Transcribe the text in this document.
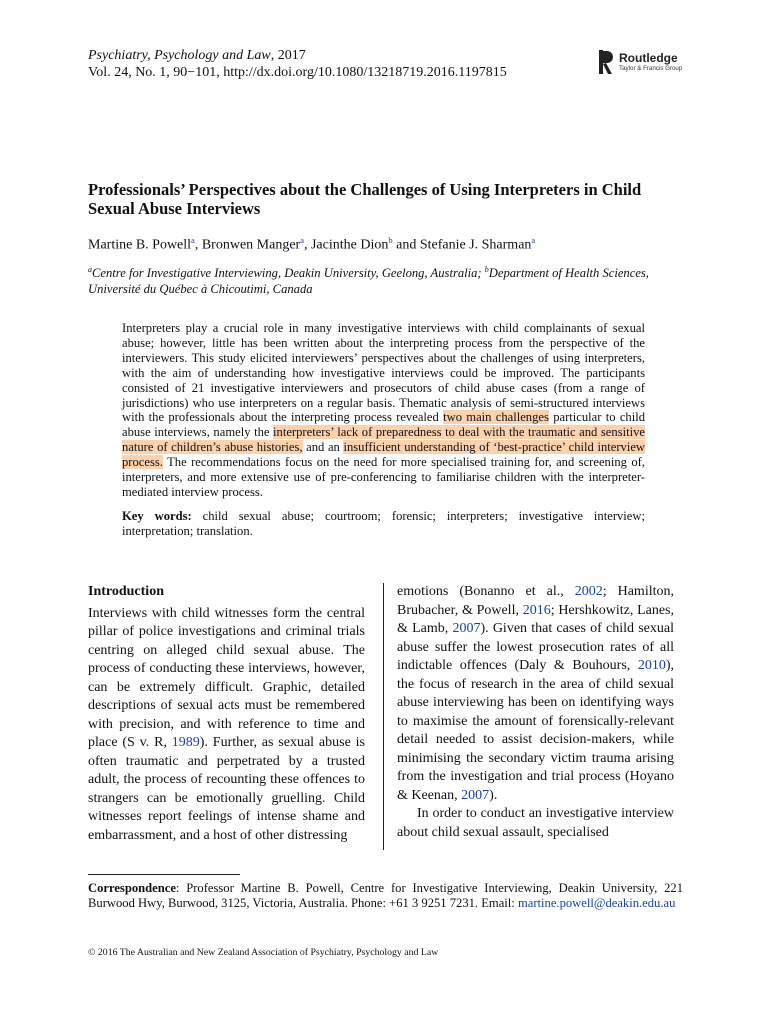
Psychiatry, Psychology and Law, 2017
Vol. 24, No. 1, 90−101, http://dx.doi.org/10.1080/13218719.2016.1197815
Routledge
Taylor & Francis Group
Professionals’ Perspectives about the Challenges of Using Interpreters in Child Sexual Abuse Interviews
Martine B. Powell$^a$, Bronwen Manger$^a$, Jacinthe Dion$^b$ and Stefanie J. Sharman$^a$
$^a$Centre for Investigative Interviewing, Deakin University, Geelong, Australia; $^b$Department of Health Sciences, Université du Québec à Chicoutimi, Canada

Interpreters play a crucial role in many investigative interviews with child complainants of sexual abuse; however, little has been written about the interpreting process from the perspective of the interviewers. This study elicited interviewers’ perspectives about the challenges of using interpreters, with the aim of understanding how investigative interviews could be improved. The participants consisted of 21 investigative interviewers and prosecutors of child abuse cases (from a range of jurisdictions) who use interpreters on a regular basis. Thematic analysis of semi-structured interviews with the professionals about the interpreting process revealed two main challenges particular to child abuse interviews, namely the interpreters’ lack of preparedness to deal with the traumatic and sensitive nature of children’s abuse histories, and an insufficient understanding of ‘best-practice’ child interview process. The recommendations focus on the need for more specialised training for, and screening of, interpreters, and more extensive use of pre-conferencing to familiarise children with the interpreter-mediated interview process.

Key words: child sexual abuse; courtroom; forensic; interpreters; investigative interview; interpretation; translation.

Introduction

Interviews with child witnesses form the central pillar of police investigations and criminal trials centring on alleged child sexual abuse. The process of conducting these interviews, however, can be extremely difficult. Graphic, detailed descriptions of sexual acts must be remembered with precision, and with reference to time and place (S v. R, 1989). Further, as sexual abuse is often traumatic and perpetrated by a trusted adult, the process of recounting these offences to strangers can be emotionally gruelling. Child witnesses report feelings of intense shame and embarrassment, and a host of other distressing

emotions (Bonanno et al., 2002; Hamilton, Brubacher, & Powell, 2016; Hershkowitz, Lanes, & Lamb, 2007). Given that cases of child sexual abuse suffer the lowest prosecution rates of all indictable offences (Daly & Bouhours, 2010), the focus of research in the area of child sexual abuse interviewing has been on identifying ways to maximise the amount of forensically-relevant detail needed to assist decision-makers, while minimising the secondary victim trauma arising from the investigation and trial process (Hoyano & Keenan, 2007).

In order to conduct an investigative interview about child sexual assault, specialised

Correspondence: Professor Martine B. Powell, Centre for Investigative Interviewing, Deakin University, 221 Burwood Hwy, Burwood, 3125, Victoria, Australia. Phone: +61 3 9251 7231. Email: martine.powell@deakin.edu.au
© 2016 The Australian and New Zealand Association of Psychiatry, Psychology and Law
